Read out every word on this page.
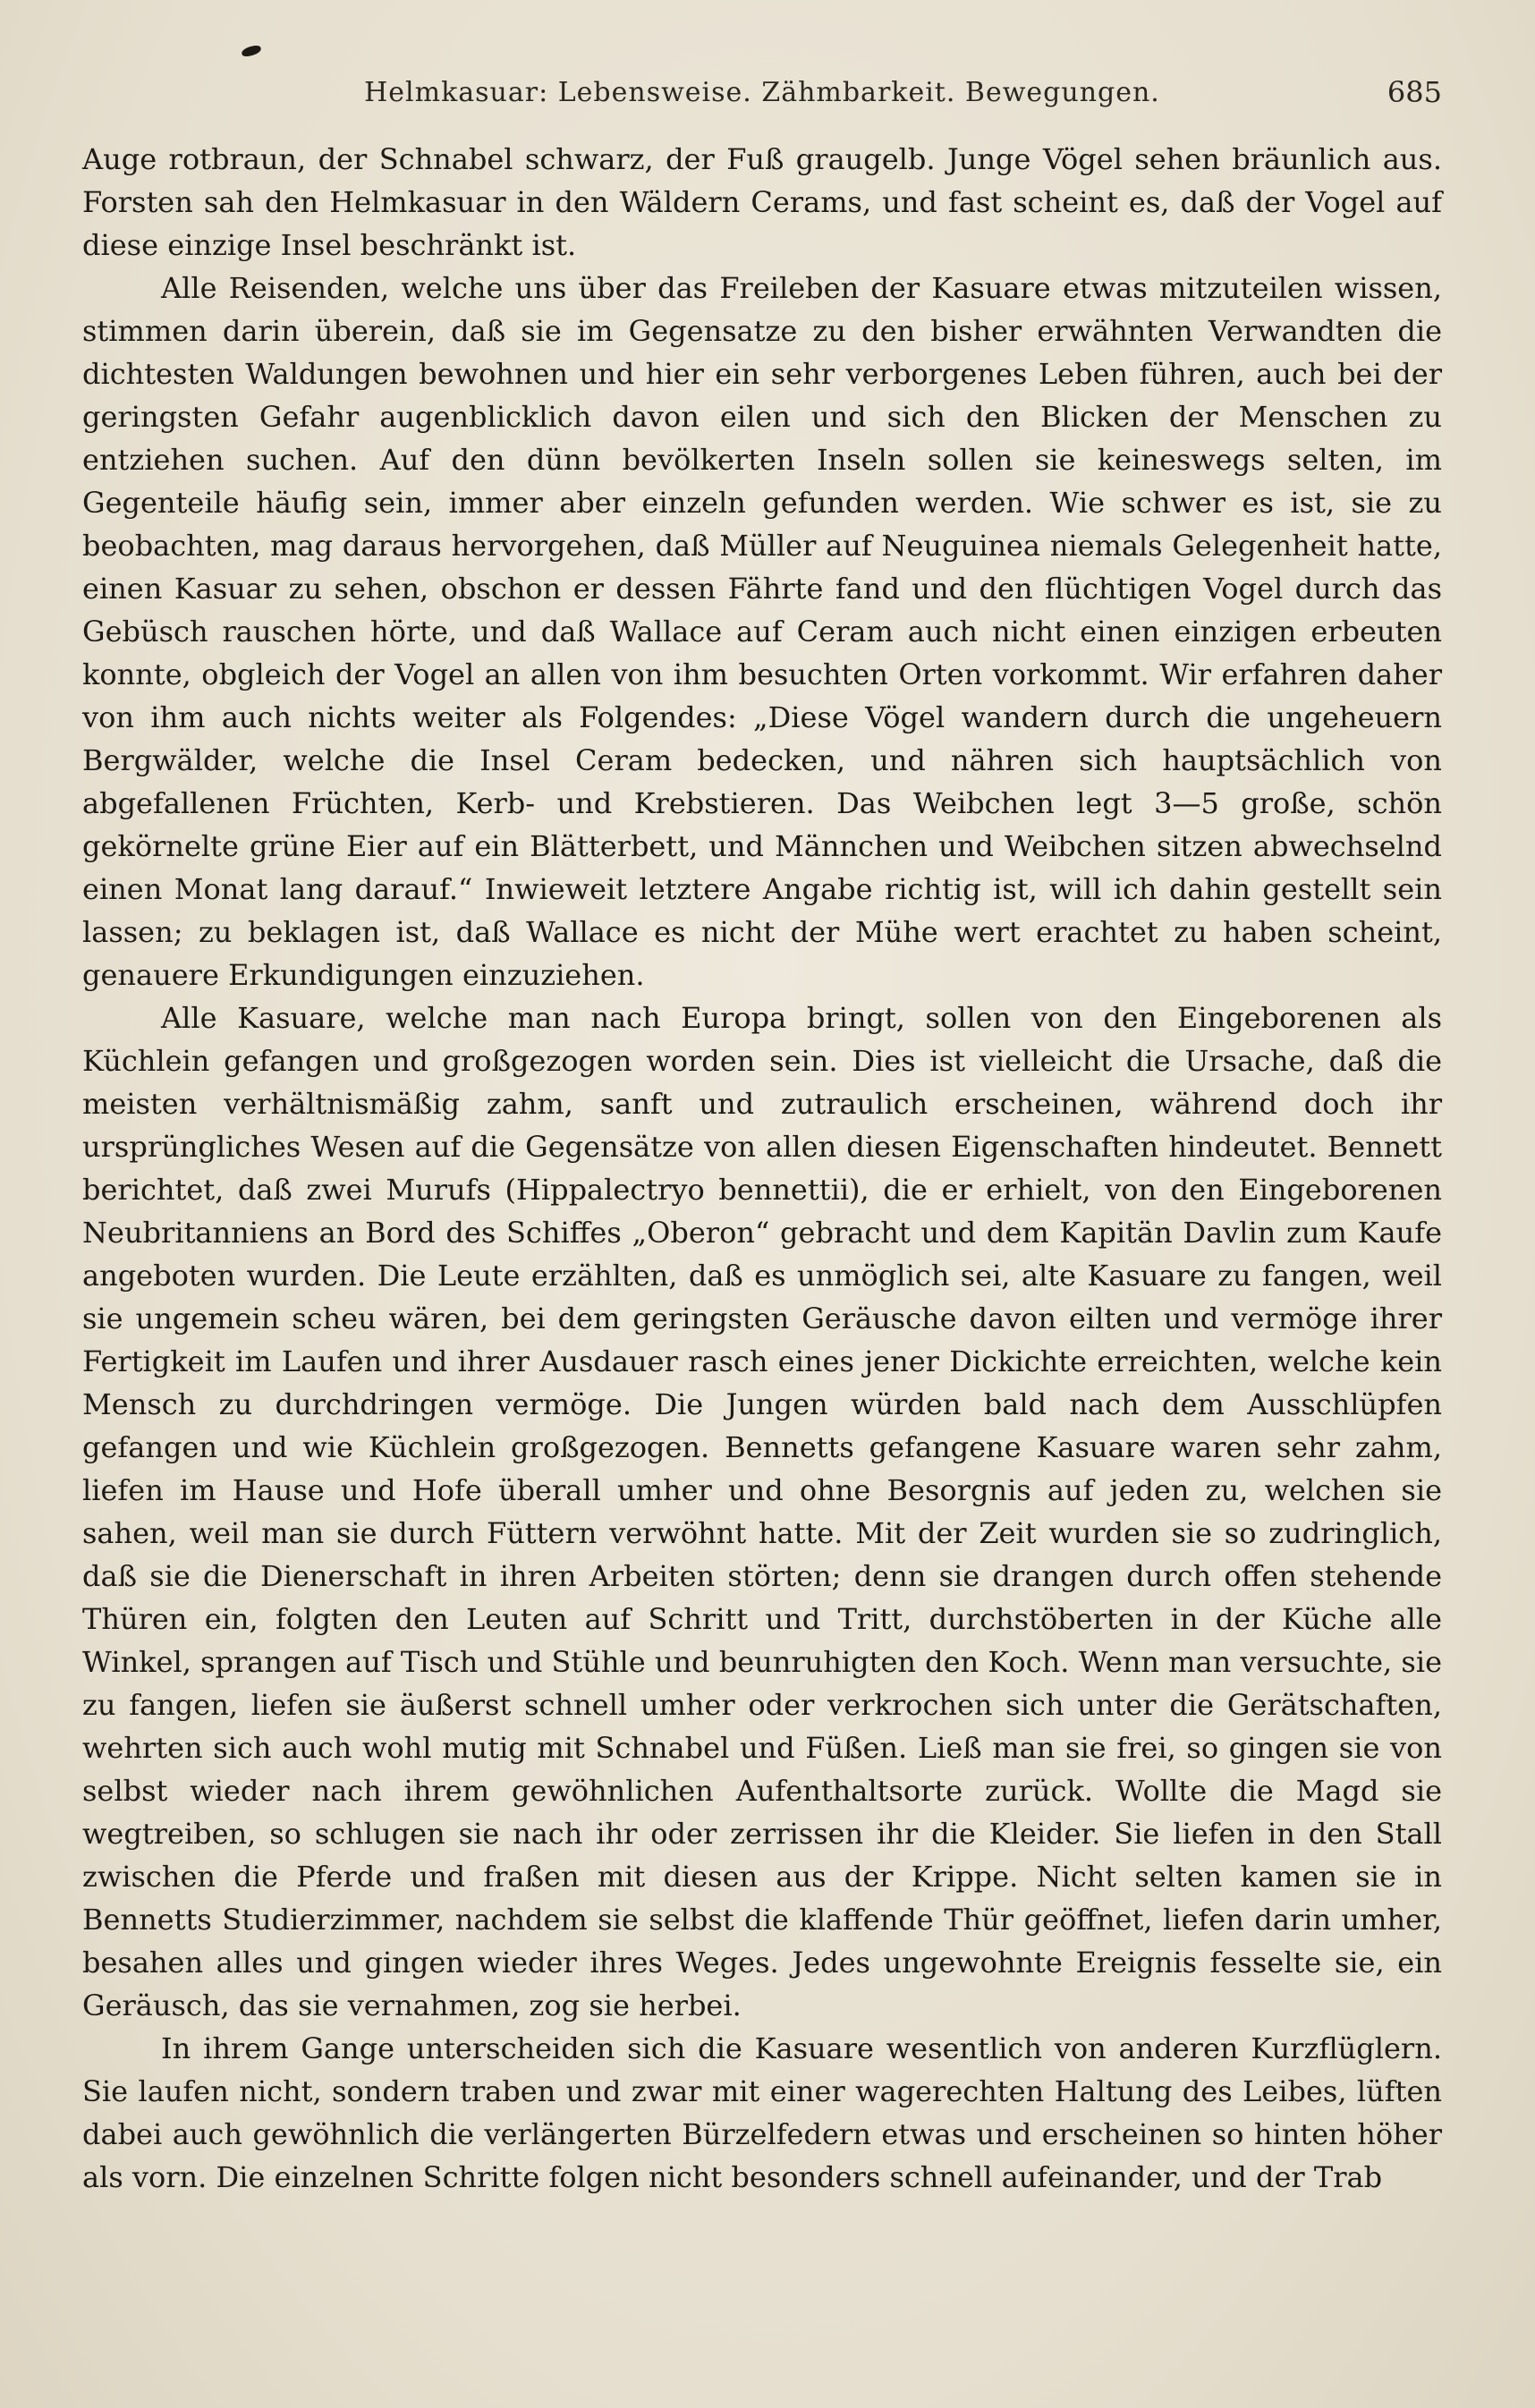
Helmkasuar: Lebensweise. Zähmbarkeit. Bewegungen.	685

Auge rotbraun, der Schnabel schwarz, der Fuß graugelb. Junge Vögel sehen bräunlich aus. Forsten sah den Helmkasuar in den Wäldern Cerams, und fast scheint es, daß der Vogel auf diese einzige Insel beschränkt ist.

Alle Reisenden, welche uns über das Freileben der Kasuare etwas mitzuteilen wissen, stimmen darin überein, daß sie im Gegensatze zu den bisher erwähnten Verwandten die dichtesten Waldungen bewohnen und hier ein sehr verborgenes Leben führen, auch bei der geringsten Gefahr augenblicklich davon eilen und sich den Blicken der Menschen zu entziehen suchen. Auf den dünn bevölkerten Inseln sollen sie keineswegs selten, im Gegenteile häufig sein, immer aber einzeln gefunden werden. Wie schwer es ist, sie zu beobachten, mag daraus hervorgehen, daß Müller auf Neuguinea niemals Gelegenheit hatte, einen Kasuar zu sehen, obschon er dessen Fährte fand und den flüchtigen Vogel durch das Gebüsch rauschen hörte, und daß Wallace auf Ceram auch nicht einen einzigen erbeuten konnte, obgleich der Vogel an allen von ihm besuchten Orten vorkommt. Wir erfahren daher von ihm auch nichts weiter als Folgendes: „Diese Vögel wandern durch die ungeheuern Bergwälder, welche die Insel Ceram bedecken, und nähren sich hauptsächlich von abgefallenen Früchten, Kerb- und Krebstieren. Das Weibchen legt 3—5 große, schön gekörnelte grüne Eier auf ein Blätterbett, und Männchen und Weibchen sitzen abwechselnd einen Monat lang darauf.“ Inwieweit letztere Angabe richtig ist, will ich dahin gestellt sein lassen; zu beklagen ist, daß Wallace es nicht der Mühe wert erachtet zu haben scheint, genauere Erkundigungen einzuziehen.

Alle Kasuare, welche man nach Europa bringt, sollen von den Eingeborenen als Küchlein gefangen und großgezogen worden sein. Dies ist vielleicht die Ursache, daß die meisten verhältnismäßig zahm, sanft und zutraulich erscheinen, während doch ihr ursprüngliches Wesen auf die Gegensätze von allen diesen Eigenschaften hindeutet. Bennett berichtet, daß zwei Murufs (Hippalectryo bennettii), die er erhielt, von den Eingeborenen Neubritanniens an Bord des Schiffes „Oberon“ gebracht und dem Kapitän Davlin zum Kaufe angeboten wurden. Die Leute erzählten, daß es unmöglich sei, alte Kasuare zu fangen, weil sie ungemein scheu wären, bei dem geringsten Geräusche davon eilten und vermöge ihrer Fertigkeit im Laufen und ihrer Ausdauer rasch eines jener Dickichte erreichten, welche kein Mensch zu durchdringen vermöge. Die Jungen würden bald nach dem Ausschlüpfen gefangen und wie Küchlein großgezogen. Bennetts gefangene Kasuare waren sehr zahm, liefen im Hause und Hofe überall umher und ohne Besorgnis auf jeden zu, welchen sie sahen, weil man sie durch Füttern verwöhnt hatte. Mit der Zeit wurden sie so zudringlich, daß sie die Dienerschaft in ihren Arbeiten störten; denn sie drangen durch offen stehende Thüren ein, folgten den Leuten auf Schritt und Tritt, durchstöberten in der Küche alle Winkel, sprangen auf Tisch und Stühle und beunruhigten den Koch. Wenn man versuchte, sie zu fangen, liefen sie äußerst schnell umher oder verkrochen sich unter die Gerätschaften, wehrten sich auch wohl mutig mit Schnabel und Füßen. Ließ man sie frei, so gingen sie von selbst wieder nach ihrem gewöhnlichen Aufenthaltsorte zurück. Wollte die Magd sie wegtreiben, so schlugen sie nach ihr oder zerrissen ihr die Kleider. Sie liefen in den Stall zwischen die Pferde und fraßen mit diesen aus der Krippe. Nicht selten kamen sie in Bennetts Studierzimmer, nachdem sie selbst die klaffende Thür geöffnet, liefen darin umher, besahen alles und gingen wieder ihres Weges. Jedes ungewohnte Ereignis fesselte sie, ein Geräusch, das sie vernahmen, zog sie herbei.

In ihrem Gange unterscheiden sich die Kasuare wesentlich von anderen Kurzflüglern. Sie laufen nicht, sondern traben und zwar mit einer wagerechten Haltung des Leibes, lüften dabei auch gewöhnlich die verlängerten Bürzelfedern etwas und erscheinen so hinten höher als vorn. Die einzelnen Schritte folgen nicht besonders schnell aufeinander, und der Trab
